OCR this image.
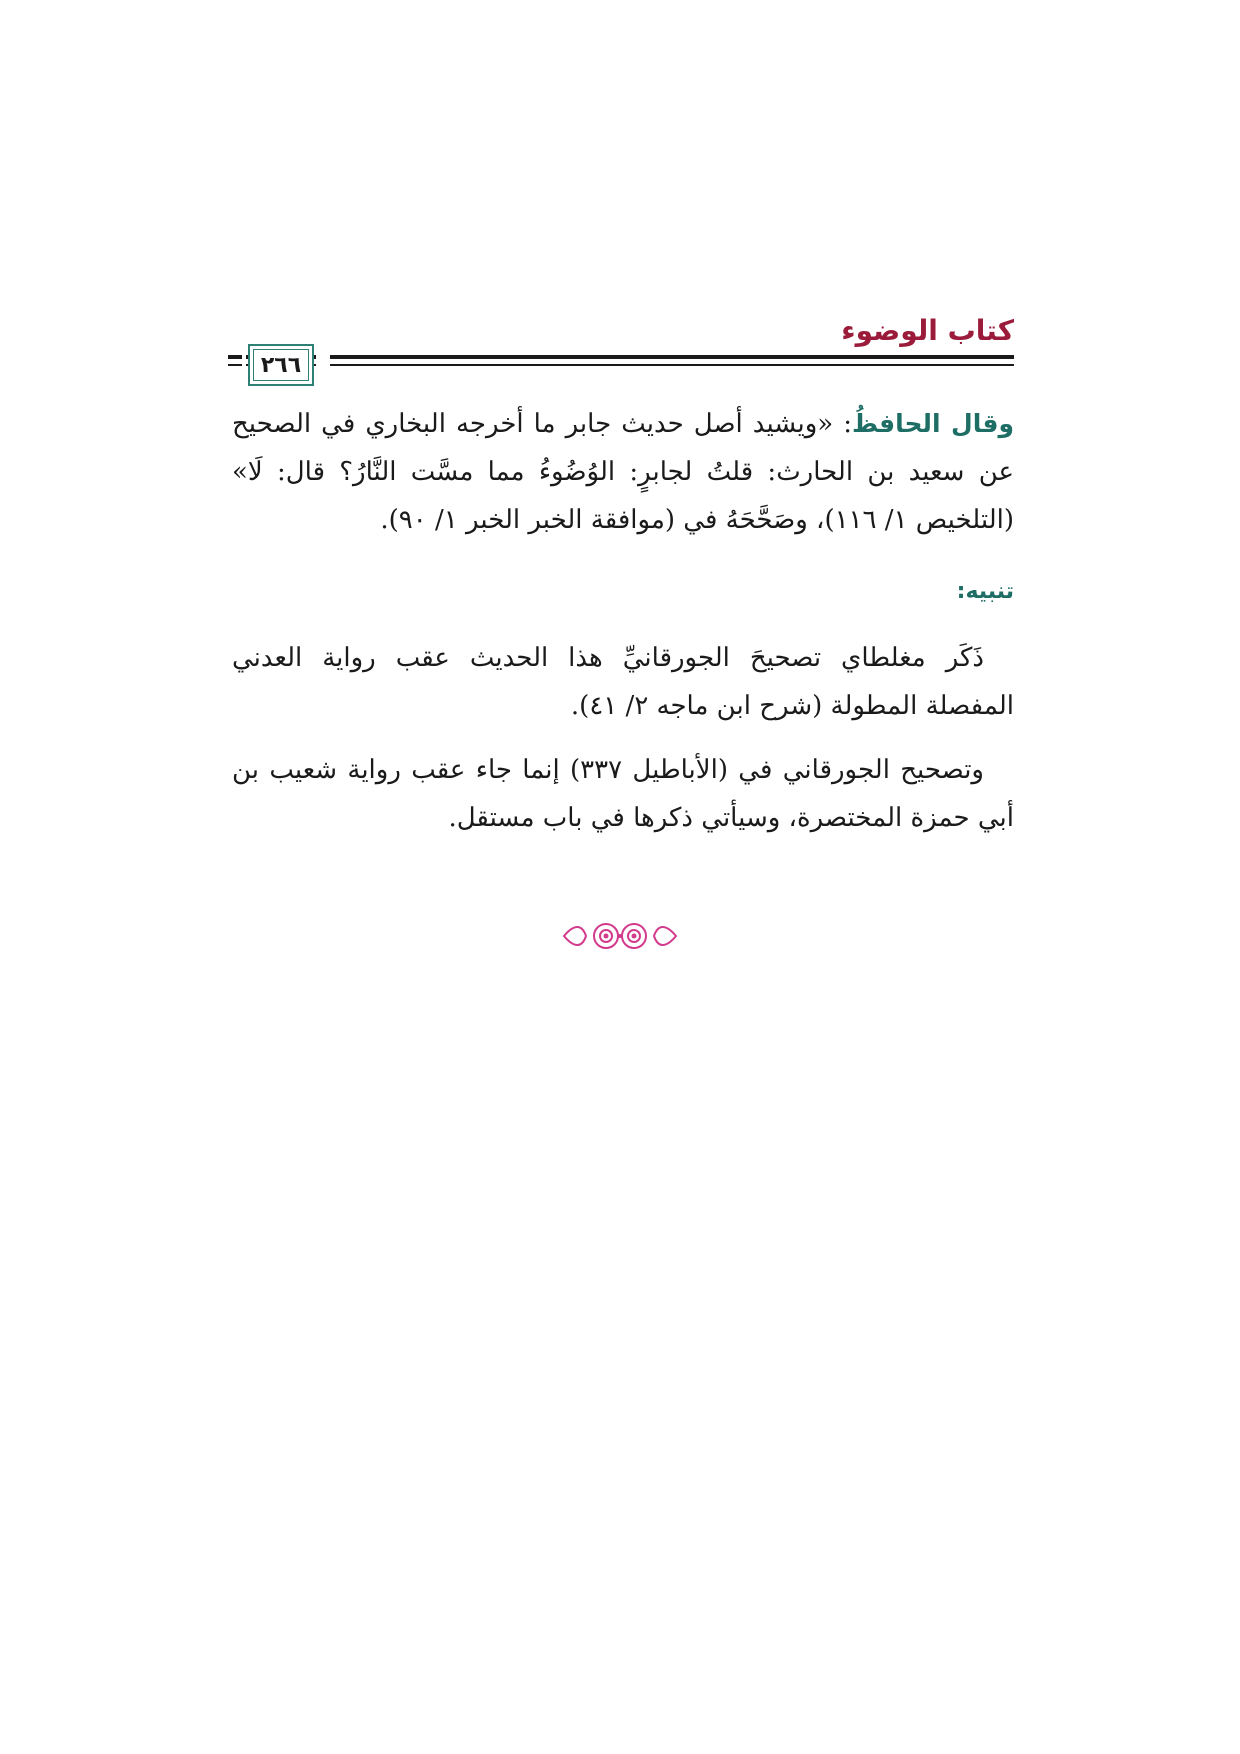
كتاب الوضوء
٢٦٦

وقال الحافظُ: «ويشيد أصل حديث جابر ما أخرجه البخاري في الصحيح عن سعيد بن الحارث: قلتُ لجابرٍ: الوُضُوءُ مما مسَّت النَّارُ؟ قال: لَا» (التلخيص ١/ ١١٦)، وصَحَّحَهُ في (موافقة الخبر الخبر ١/ ٩٠).

تنبيه:

ذَكَر مغلطاي تصحيحَ الجورقانيِّ هذا الحديث عقب رواية العدني المفصلة المطولة (شرح ابن ماجه ٢/ ٤١).

وتصحيح الجورقاني في (الأباطيل ٣٣٧) إنما جاء عقب رواية شعيب بن أبي حمزة المختصرة، وسيأتي ذكرها في باب مستقل.
